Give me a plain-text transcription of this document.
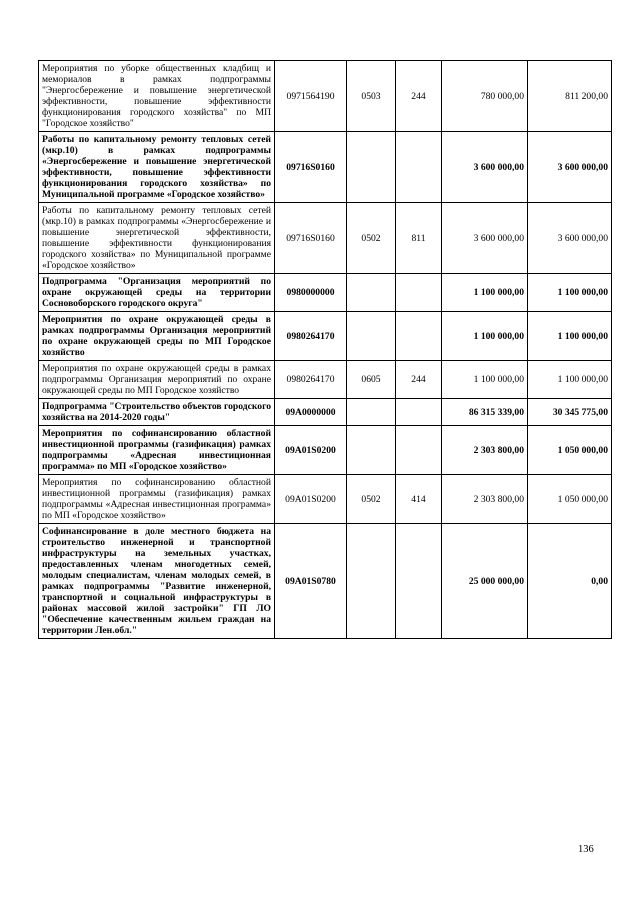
Мероприятия по уборке общественных кладбищ и мемориалов в рамках подпрограммы "Энергосбережение и повышение энергетической эффективности, повышение эффективности функционирования городского хозяйства" по МП "Городское хозяйство"	0971564190	0503	244	780 000,00	811 200,00
Работы по капитальному ремонту тепловых сетей (мкр.10) в рамках подпрограммы «Энергосбережение и повышение энергетической эффективности, повышение эффективности функционирования городского хозяйства» по Муниципальной программе «Городское хозяйство»	09716S0160			3 600 000,00	3 600 000,00
Работы по капитальному ремонту тепловых сетей (мкр.10) в рамках подпрограммы «Энергосбережение и повышение энергетической эффективности, повышение эффективности функционирования городского хозяйства» по Муниципальной программе «Городское хозяйство»	09716S0160	0502	811	3 600 000,00	3 600 000,00
Подпрограмма "Организация мероприятий по охране окружающей среды на территории Сосновоборского городского округа"	0980000000			1 100 000,00	1 100 000,00
Мероприятия по охране окружающей среды в рамках подпрограммы Организация мероприятий по охране окружающей среды по МП Городское хозяйство	0980264170			1 100 000,00	1 100 000,00
Мероприятия по охране окружающей среды в рамках подпрограммы Организация мероприятий по охране окружающей среды по МП Городское хозяйство	0980264170	0605	244	1 100 000,00	1 100 000,00
Подпрограмма "Строительство объектов городского хозяйства на 2014-2020 годы"	09А0000000			86 315 339,00	30 345 775,00
Мероприятия по софинансированию областной инвестиционной программы (газификация) рамках подпрограммы «Адресная инвестиционная программа» по МП «Городское хозяйство»	09А01S0200			2 303 800,00	1 050 000,00
Мероприятия по софинансированию областной инвестиционной программы (газификация) рамках подпрограммы «Адресная инвестиционная программа» по МП «Городское хозяйство»	09А01S0200	0502	414	2 303 800,00	1 050 000,00
Софинансирование в доле местного бюджета на строительство инженерной и транспортной инфраструктуры на земельных участках, предоставленных членам многодетных семей, молодым специалистам, членам молодых семей, в рамках подпрограммы "Развитие инженерной, транспортной и социальной инфраструктуры в районах массовой жилой застройки" ГП ЛО "Обеспечение качественным жильем граждан на территории Лен.обл."	09А01S0780			25 000 000,00	0,00
136
